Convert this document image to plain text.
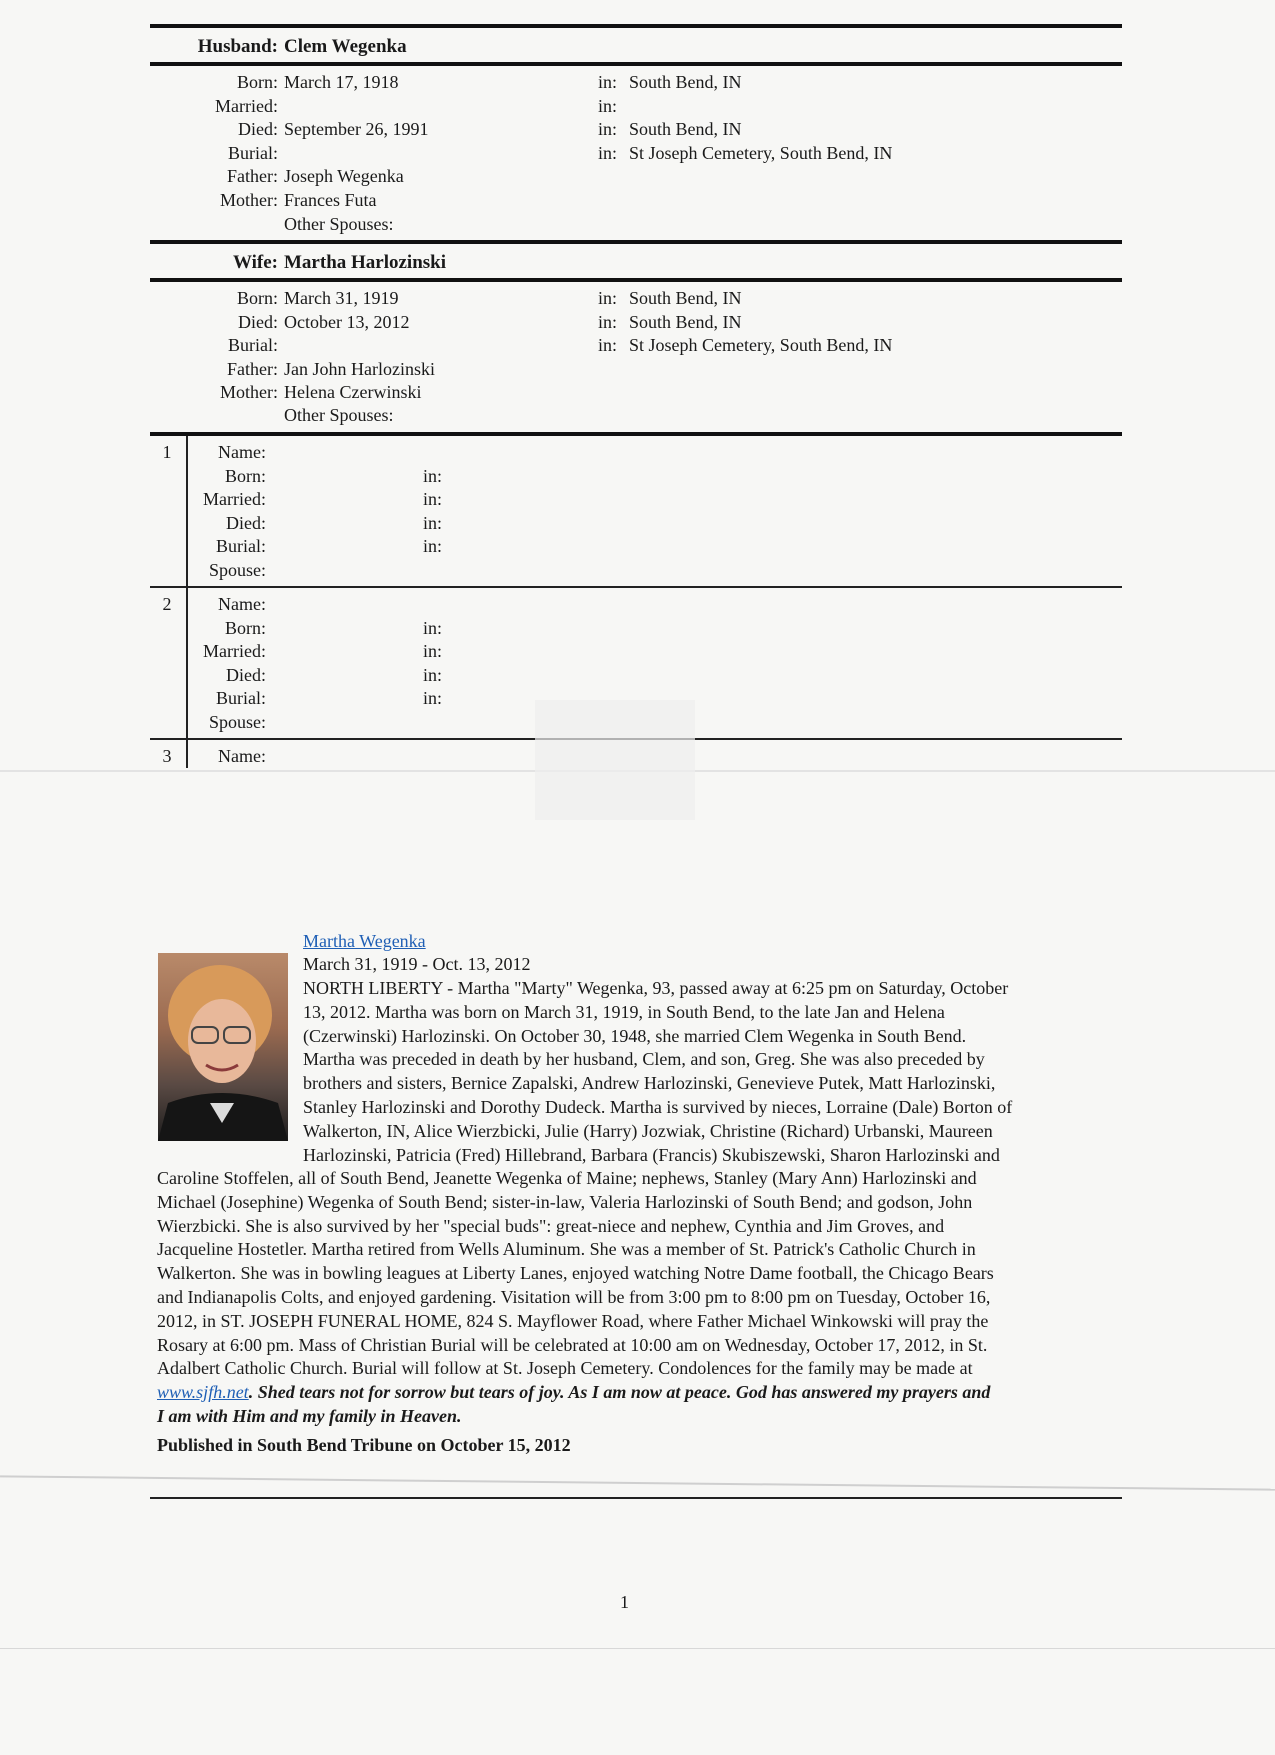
Husband: Clem Wegenka
Born: March 17, 1918	in: South Bend, IN
Married:	in:
Died: September 26, 1991	in: South Bend, IN
Burial:	in: St Joseph Cemetery, South Bend, IN
Father: Joseph Wegenka
Mother: Frances Futa
Other Spouses:
Wife: Martha Harlozinski
Born: March 31, 1919	in: South Bend, IN
Died: October 13, 2012	in: South Bend, IN
Burial:	in: St Joseph Cemetery, South Bend, IN
Father: Jan John Harlozinski
Mother: Helena Czerwinski
Other Spouses:
1	Name:
Born:	in:
Married:	in:
Died:	in:
Burial:	in:
Spouse:
2	Name:
Born:	in:
Married:	in:
Died:	in:
Burial:	in:
Spouse:
3	Name:
Martha Wegenka
March 31, 1919 - Oct. 13, 2012
NORTH LIBERTY - Martha "Marty" Wegenka, 93, passed away at 6:25 pm on Saturday, October
13, 2012. Martha was born on March 31, 1919, in South Bend, to the late Jan and Helena
(Czerwinski) Harlozinski. On October 30, 1948, she married Clem Wegenka in South Bend.
Martha was preceded in death by her husband, Clem, and son, Greg. She was also preceded by
brothers and sisters, Bernice Zapalski, Andrew Harlozinski, Genevieve Putek, Matt Harlozinski,
Stanley Harlozinski and Dorothy Dudeck. Martha is survived by nieces, Lorraine (Dale) Borton of
Walkerton, IN, Alice Wierzbicki, Julie (Harry) Jozwiak, Christine (Richard) Urbanski, Maureen
Harlozinski, Patricia (Fred) Hillebrand, Barbara (Francis) Skubiszewski, Sharon Harlozinski and
Caroline Stoffelen, all of South Bend, Jeanette Wegenka of Maine; nephews, Stanley (Mary Ann) Harlozinski and
Michael (Josephine) Wegenka of South Bend; sister-in-law, Valeria Harlozinski of South Bend; and godson, John
Wierzbicki. She is also survived by her "special buds": great-niece and nephew, Cynthia and Jim Groves, and
Jacqueline Hostetler. Martha retired from Wells Aluminum. She was a member of St. Patrick's Catholic Church in
Walkerton. She was in bowling leagues at Liberty Lanes, enjoyed watching Notre Dame football, the Chicago Bears
and Indianapolis Colts, and enjoyed gardening. Visitation will be from 3:00 pm to 8:00 pm on Tuesday, October 16,
2012, in ST. JOSEPH FUNERAL HOME, 824 S. Mayflower Road, where Father Michael Winkowski will pray the
Rosary at 6:00 pm. Mass of Christian Burial will be celebrated at 10:00 am on Wednesday, October 17, 2012, in St.
Adalbert Catholic Church. Burial will follow at St. Joseph Cemetery. Condolences for the family may be made at
www.sjfh.net. Shed tears not for sorrow but tears of joy. As I am now at peace. God has answered my prayers and
I am with Him and my family in Heaven.
Published in South Bend Tribune on October 15, 2012
1
